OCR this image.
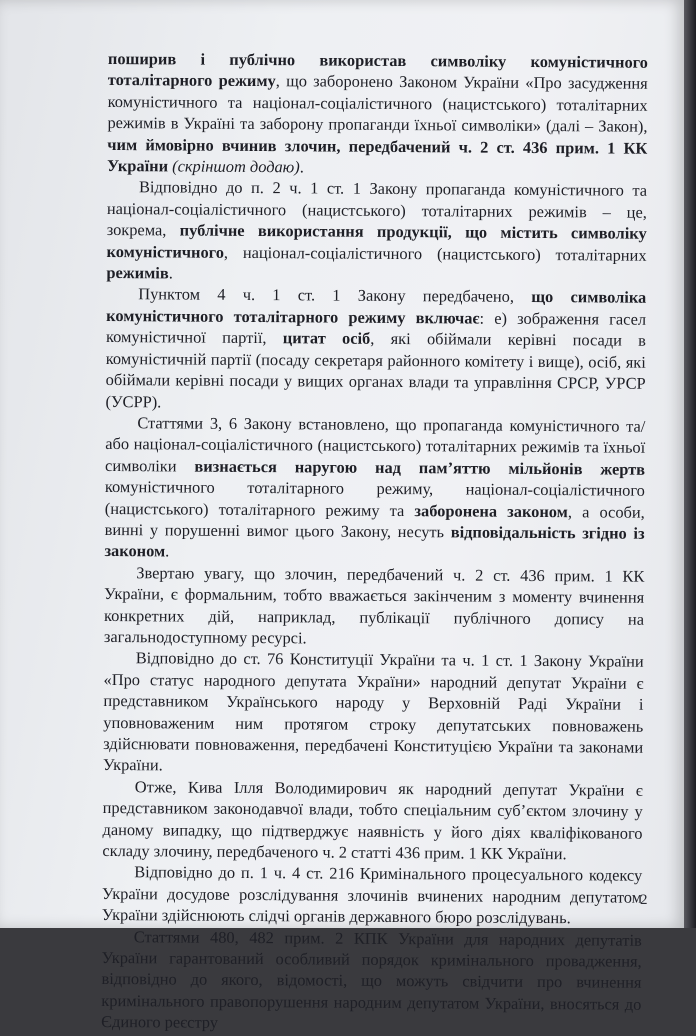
поширив і публічно використав символіку комуністичного тоталітарного режиму, що заборонено Законом України «Про засудження комуністичного та націонал-соціалістичного (нацистського) тоталітарних режимів в Україні та заборону пропаганди їхньої символіки» (далі – Закон), чим ймовірно вчинив злочин, передбачений ч. 2 ст. 436 прим. 1 КК України (скріншот додаю).

Відповідно до п. 2 ч. 1 ст. 1 Закону пропаганда комуністичного та націонал-соціалістичного (нацистського) тоталітарних режимів – це, зокрема, публічне використання продукції, що містить символіку комуністичного, націонал-соціалістичного (нацистського) тоталітарних режимів.

Пунктом 4 ч. 1 ст. 1 Закону передбачено, що символіка комуністичного тоталітарного режиму включає: е) зображення гасел комуністичної партії, цитат осіб, які обіймали керівні посади в комуністичній партії (посаду секретаря районного комітету і вище), осіб, які обіймали керівні посади у вищих органах влади та управління СРСР, УРСР (УСРР).

Статтями 3, 6 Закону встановлено, що пропаганда комуністичного та/або націонал-соціалістичного (нацистського) тоталітарних режимів та їхньої символіки визнається наругою над пам’яттю мільйонів жертв комуністичного тоталітарного режиму, націонал-соціалістичного (нацистського) тоталітарного режиму та заборонена законом, а особи, винні у порушенні вимог цього Закону, несуть відповідальність згідно із законом.

Звертаю увагу, що злочин, передбачений ч. 2 ст. 436 прим. 1 КК України, є формальним, тобто вважається закінченим з моменту вчинення конкретних дій, наприклад, публікації публічного допису на загальнодоступному ресурсі.

Відповідно до ст. 76 Конституції України та ч. 1 ст. 1 Закону України «Про статус народного депутата України» народний депутат України є представником Українського народу у Верховній Раді України і уповноваженим ним протягом строку депутатських повноважень здійснювати повноваження, передбачені Конституцією України та законами України.

Отже, Кива Ілля Володимирович як народний депутат України є представником законодавчої влади, тобто спеціальним суб’єктом злочину у даному випадку, що підтверджує наявність у його діях кваліфікованого складу злочину, передбаченого ч. 2 статті 436 прим. 1 КК України.

Відповідно до п. 1 ч. 4 ст. 216 Кримінального процесуального кодексу України досудове розслідування злочинів вчинених народним депутатом України здійснюють слідчі органів державного бюро розслідувань.

Статтями 480, 482 прим. 2 КПК України для народних депутатів України гарантований особливий порядок кримінального провадження, відповідно до якого, відомості, що можуть свідчити про вчинення кримінального правопорушення народним депутатом України, вносяться до Єдиного реєстру

2
